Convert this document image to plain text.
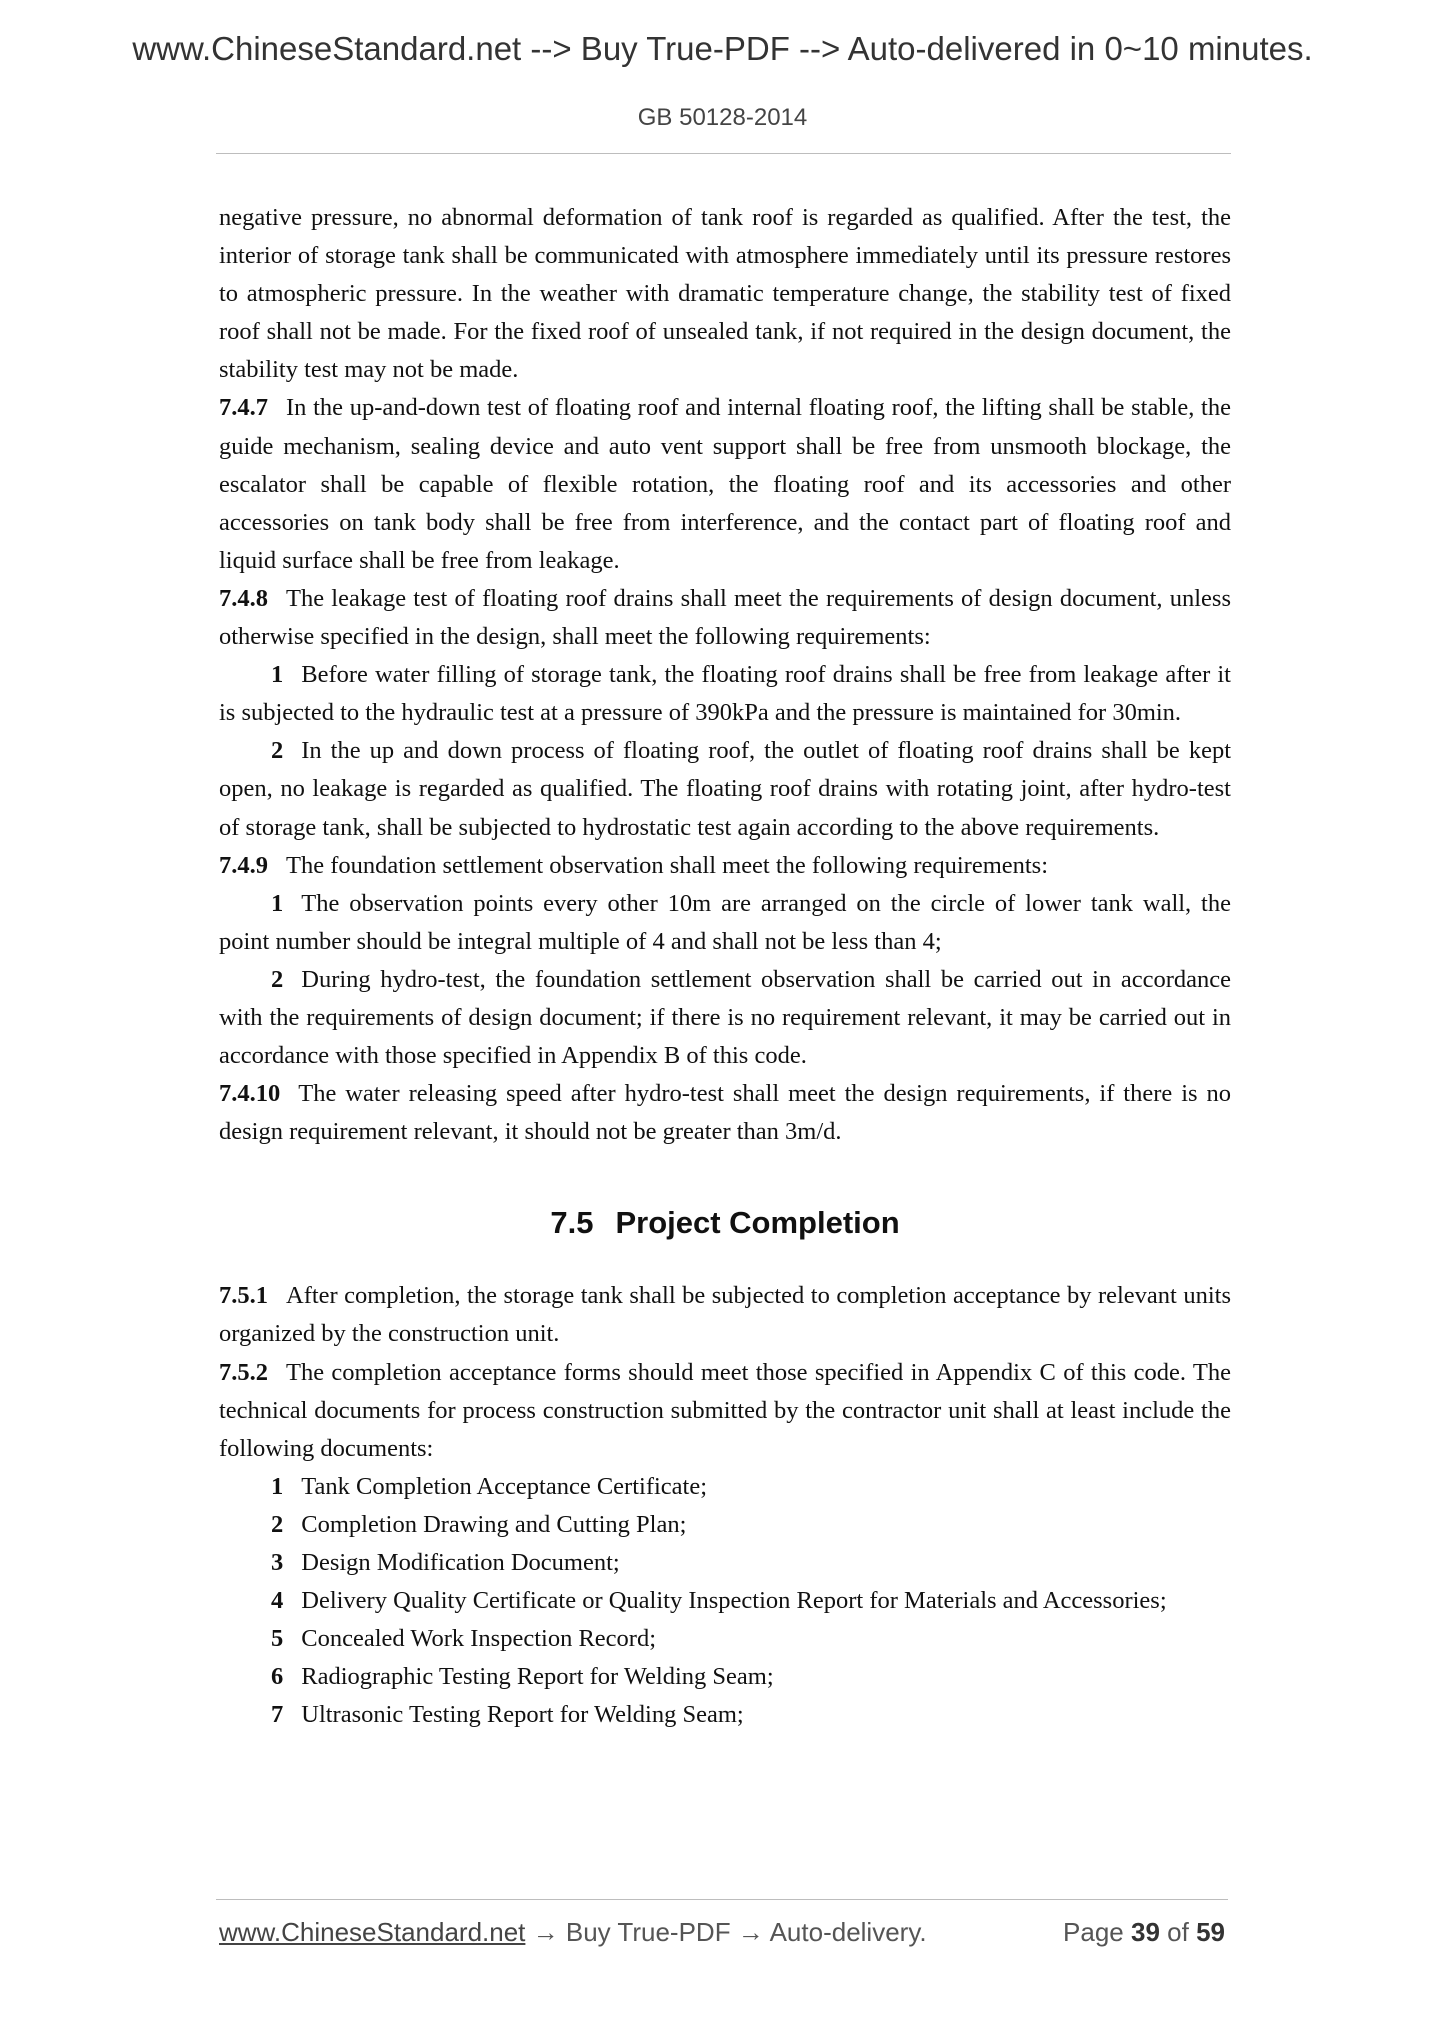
www.ChineseStandard.net --> Buy True-PDF --> Auto-delivered in 0~10 minutes.
GB 50128-2014

negative pressure, no abnormal deformation of tank roof is regarded as qualified. After the test, the interior of storage tank shall be communicated with atmosphere immediately until its pressure restores to atmospheric pressure. In the weather with dramatic temperature change, the stability test of fixed roof shall not be made. For the fixed roof of unsealed tank, if not required in the design document, the stability test may not be made.

7.4.7 In the up-and-down test of floating roof and internal floating roof, the lifting shall be stable, the guide mechanism, sealing device and auto vent support shall be free from unsmooth blockage, the escalator shall be capable of flexible rotation, the floating roof and its accessories and other accessories on tank body shall be free from interference, and the contact part of floating roof and liquid surface shall be free from leakage.

7.4.8 The leakage test of floating roof drains shall meet the requirements of design document, unless otherwise specified in the design, shall meet the following requirements:

1 Before water filling of storage tank, the floating roof drains shall be free from leakage after it is subjected to the hydraulic test at a pressure of 390kPa and the pressure is maintained for 30min.

2 In the up and down process of floating roof, the outlet of floating roof drains shall be kept open, no leakage is regarded as qualified. The floating roof drains with rotating joint, after hydro-test of storage tank, shall be subjected to hydrostatic test again according to the above requirements.

7.4.9 The foundation settlement observation shall meet the following requirements:

1 The observation points every other 10m are arranged on the circle of lower tank wall, the point number should be integral multiple of 4 and shall not be less than 4;

2 During hydro-test, the foundation settlement observation shall be carried out in accordance with the requirements of design document; if there is no requirement relevant, it may be carried out in accordance with those specified in Appendix B of this code.

7.4.10 The water releasing speed after hydro-test shall meet the design requirements, if there is no design requirement relevant, it should not be greater than 3m/d.

7.5 Project Completion

7.5.1 After completion, the storage tank shall be subjected to completion acceptance by relevant units organized by the construction unit.

7.5.2 The completion acceptance forms should meet those specified in Appendix C of this code. The technical documents for process construction submitted by the contractor unit shall at least include the following documents:

1 Tank Completion Acceptance Certificate;

2 Completion Drawing and Cutting Plan;

3 Design Modification Document;

4 Delivery Quality Certificate or Quality Inspection Report for Materials and Accessories;

5 Concealed Work Inspection Record;

6 Radiographic Testing Report for Welding Seam;

7 Ultrasonic Testing Report for Welding Seam;

www.ChineseStandard.net → Buy True-PDF → Auto-delivery.	Page 39 of 59
